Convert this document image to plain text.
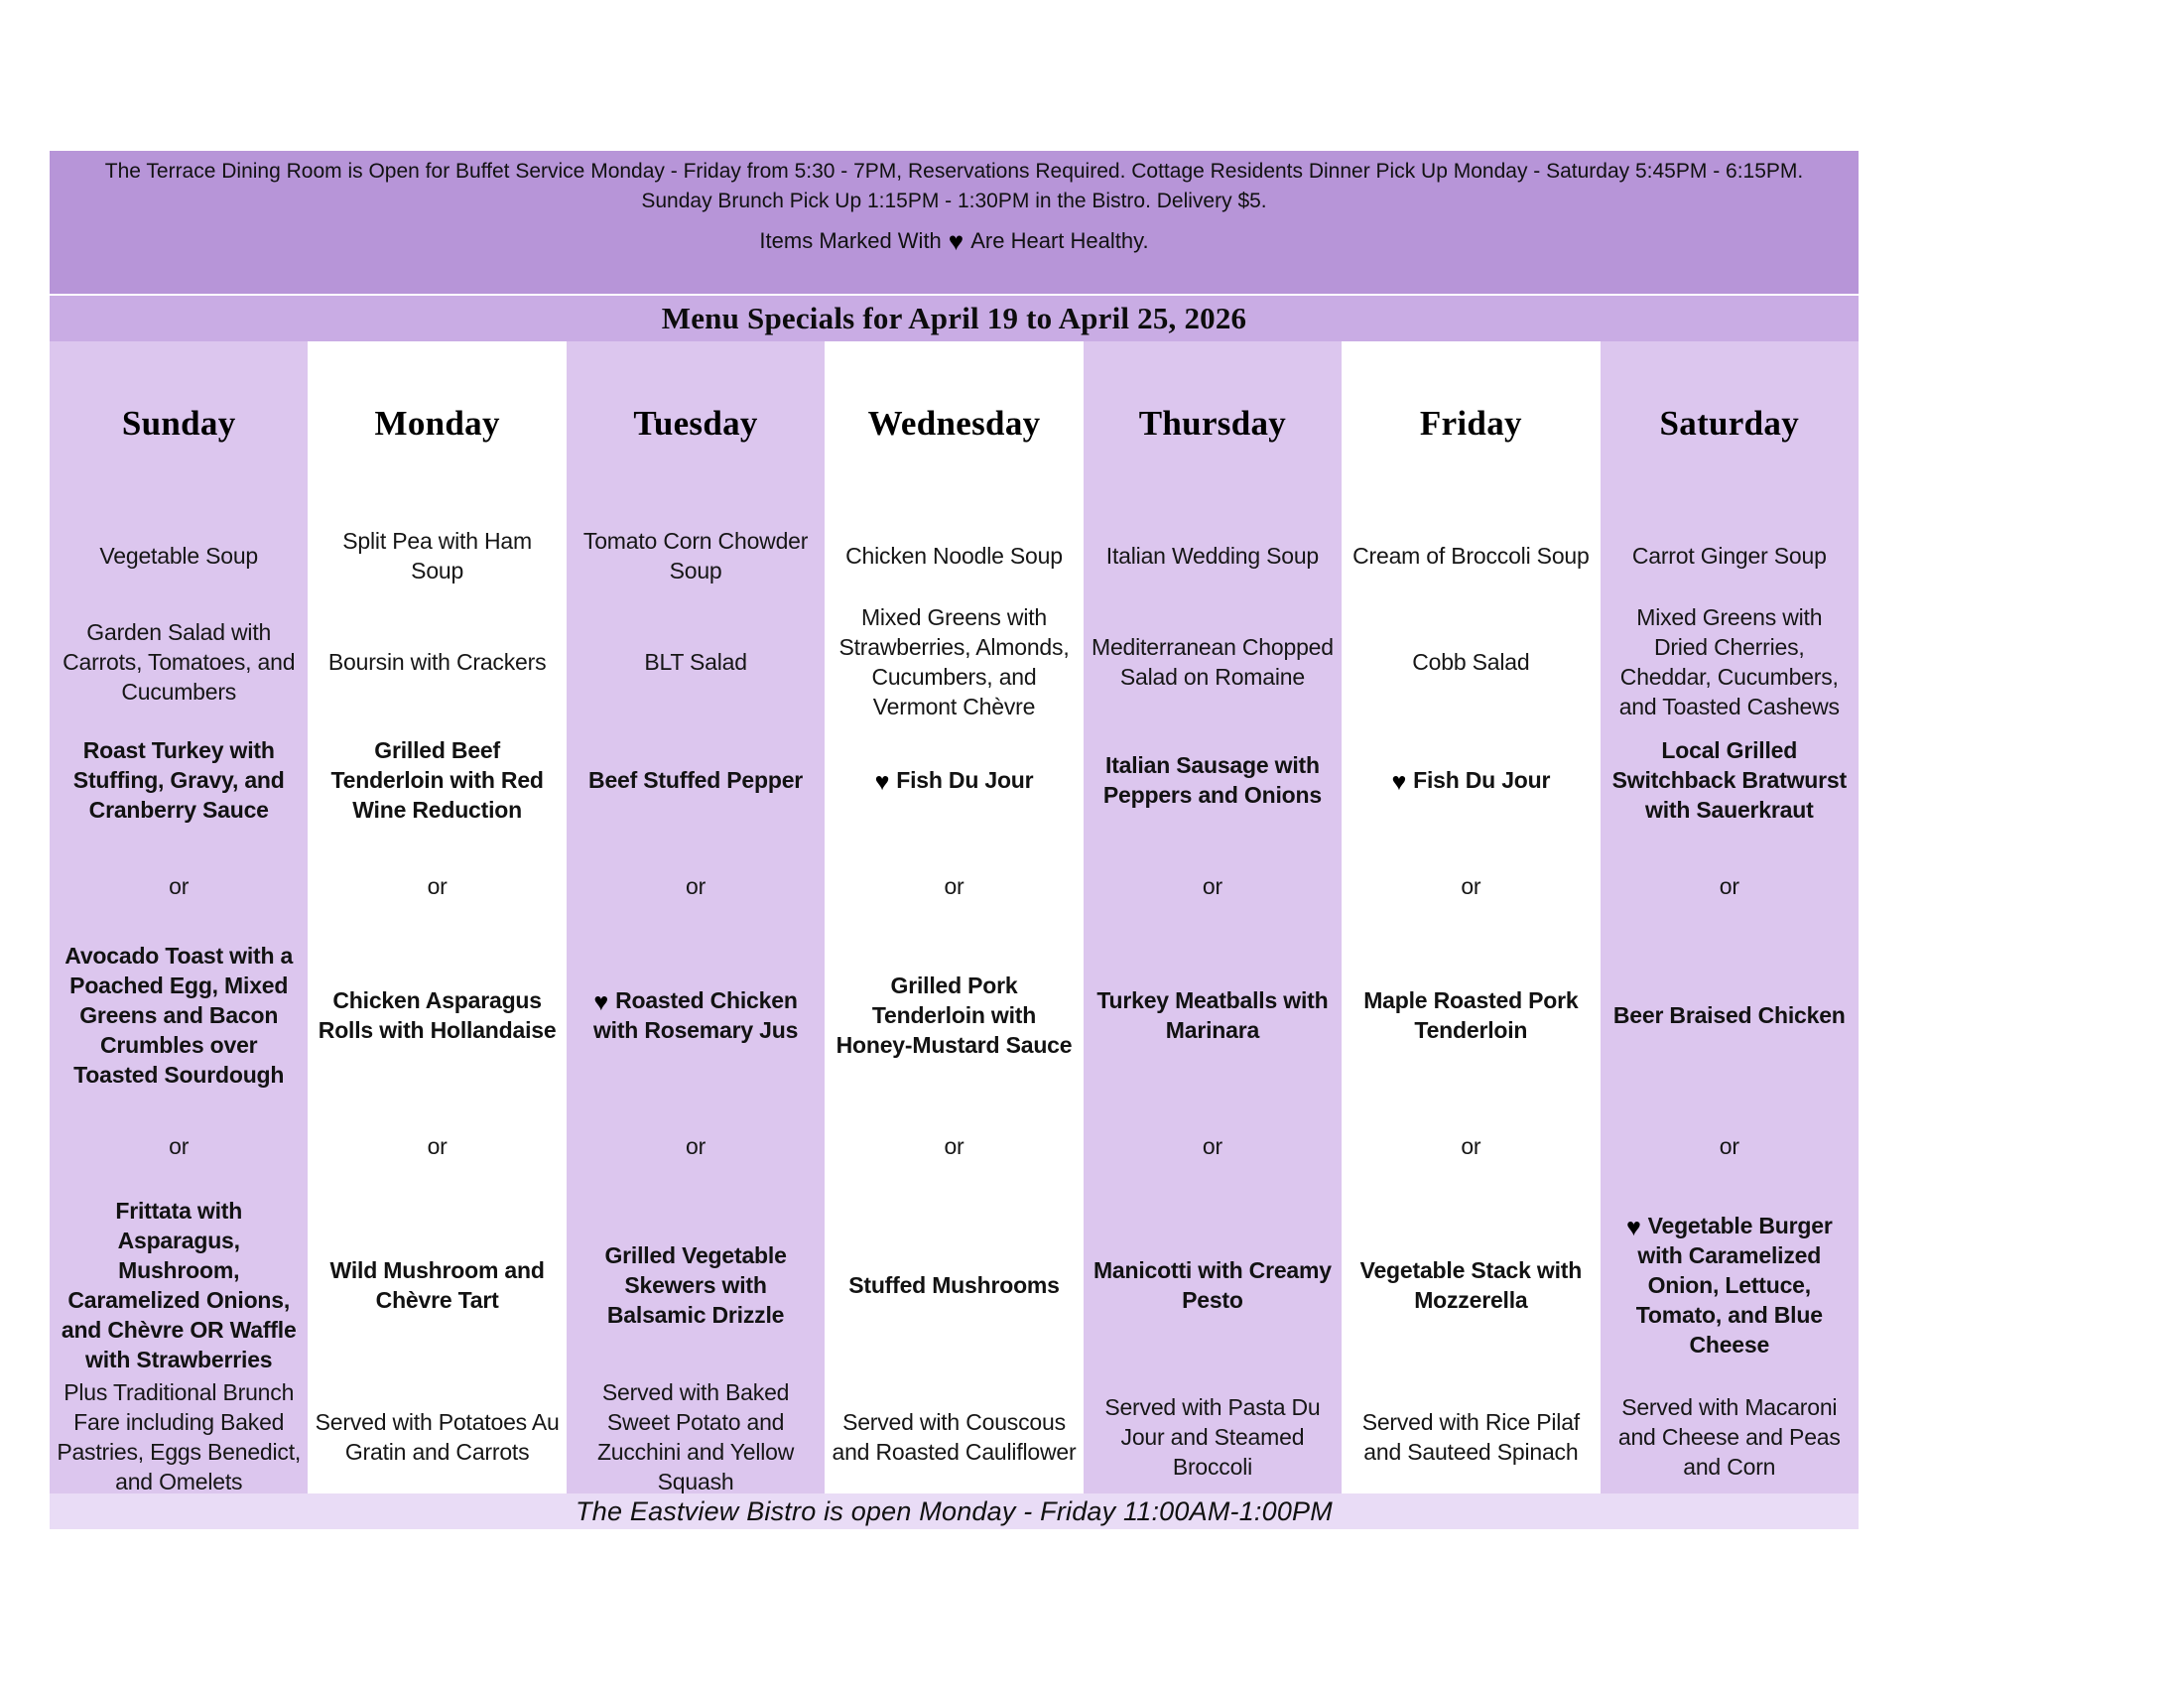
The Terrace Dining Room is Open for Buffet Service Monday - Friday from 5:30 - 7PM, Reservations Required. Cottage Residents Dinner Pick Up Monday - Saturday 5:45PM - 6:15PM.
Sunday Brunch Pick Up 1:15PM - 1:30PM in the Bistro. Delivery $5.
Items Marked With ♥ Are Heart Healthy.
Menu Specials for April 19 to April 25, 2026
Sunday
Vegetable Soup
Garden Salad with Carrots, Tomatoes, and Cucumbers
Roast Turkey with Stuffing, Gravy, and Cranberry Sauce
or
Avocado Toast with a Poached Egg, Mixed Greens and Bacon Crumbles over Toasted Sourdough
or
Frittata with Asparagus, Mushroom, Caramelized Onions, and Chèvre OR Waffle with Strawberries
Plus Traditional Brunch Fare including Baked Pastries, Eggs Benedict, and Omelets
Monday
Split Pea with Ham Soup
Boursin with Crackers
Grilled Beef Tenderloin with Red Wine Reduction
or
Chicken Asparagus Rolls with Hollandaise
or
Wild Mushroom and Chèvre Tart
Served with Potatoes Au Gratin and Carrots
Tuesday
Tomato Corn Chowder Soup
BLT Salad
Beef Stuffed Pepper
or
♥ Roasted Chicken with Rosemary Jus
or
Grilled Vegetable Skewers with Balsamic Drizzle
Served with Baked Sweet Potato and Zucchini and Yellow Squash
Wednesday
Chicken Noodle Soup
Mixed Greens with Strawberries, Almonds, Cucumbers, and Vermont Chèvre
♥ Fish Du Jour
or
Grilled Pork Tenderloin with Honey-Mustard Sauce
or
Stuffed Mushrooms
Served with Couscous and Roasted Cauliflower
Thursday
Italian Wedding Soup
Mediterranean Chopped Salad on Romaine
Italian Sausage with Peppers and Onions
or
Turkey Meatballs with Marinara
or
Manicotti with Creamy Pesto
Served with Pasta Du Jour and Steamed Broccoli
Friday
Cream of Broccoli Soup
Cobb Salad
♥ Fish Du Jour
or
Maple Roasted Pork Tenderloin
or
Vegetable Stack with Mozzerella
Served with Rice Pilaf and Sauteed Spinach
Saturday
Carrot Ginger Soup
Mixed Greens with Dried Cherries, Cheddar, Cucumbers, and Toasted Cashews
Local Grilled Switchback Bratwurst with Sauerkraut
or
Beer Braised Chicken
or
♥ Vegetable Burger with Caramelized Onion, Lettuce, Tomato, and Blue Cheese
Served with Macaroni and Cheese and Peas and Corn
The Eastview Bistro is open Monday - Friday 11:00AM-1:00PM
